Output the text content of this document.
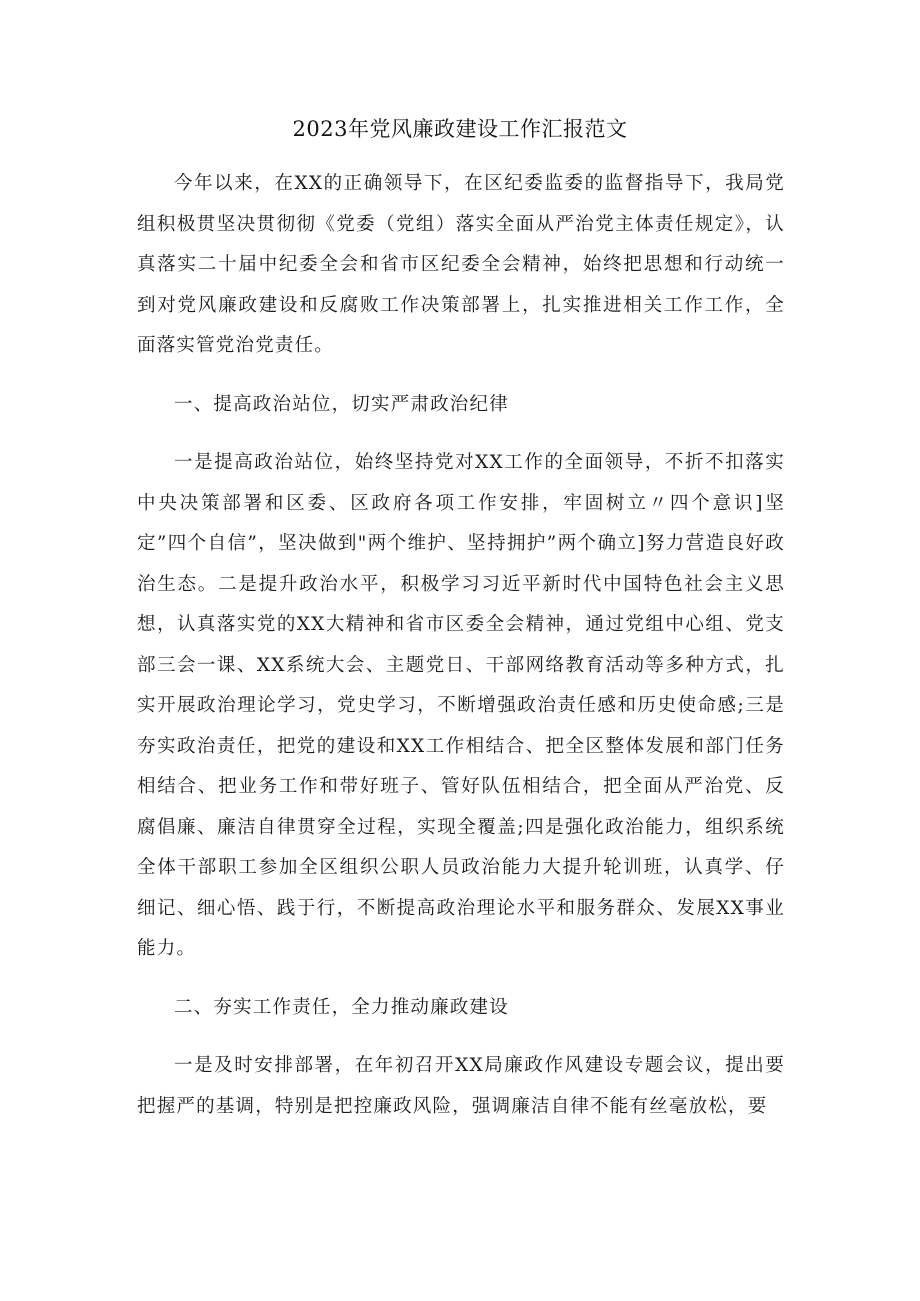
2023年党风廉政建设工作汇报范文

今年以来，在XX的正确领导下，在区纪委监委的监督指导下，我局党组积极贯坚决贯彻彻《党委（党组）落实全面从严治党主体责任规定》，认真落实二十届中纪委全会和省市区纪委全会精神，始终把思想和行动统一到对党风廉政建设和反腐败工作决策部署上，扎实推进相关工作工作，全面落实管党治党责任。

一、提高政治站位，切实严肃政治纪律

一是提高政治站位，始终坚持党对XX工作的全面领导，不折不扣落实中央决策部署和区委、区政府各项工作安排，牢固树立〃四个意识]坚定”四个自信”，坚决做到"两个维护、坚持拥护”两个确立]努力营造良好政治生态。二是提升政治水平，积极学习习近平新时代中国特色社会主义思想，认真落实党的XX大精神和省市区委全会精神，通过党组中心组、党支部三会一课、XX系统大会、主题党日、干部网络教育活动等多种方式，扎实开展政治理论学习，党史学习，不断增强政治责任感和历史使命感;三是夯实政治责任，把党的建设和XX工作相结合、把全区整体发展和部门任务相结合、把业务工作和带好班子、管好队伍相结合，把全面从严治党、反腐倡廉、廉洁自律贯穿全过程，实现全覆盖;四是强化政治能力，组织系统全体干部职工参加全区组织公职人员政治能力大提升轮训班，认真学、仔细记、细心悟、践于行，不断提高政治理论水平和服务群众、发展XX事业能力。

二、夯实工作责任，全力推动廉政建设

一是及时安排部署，在年初召开XX局廉政作风建设专题会议，提出要把握严的基调，特别是把控廉政风险，强调廉洁自律不能有丝毫放松，要
